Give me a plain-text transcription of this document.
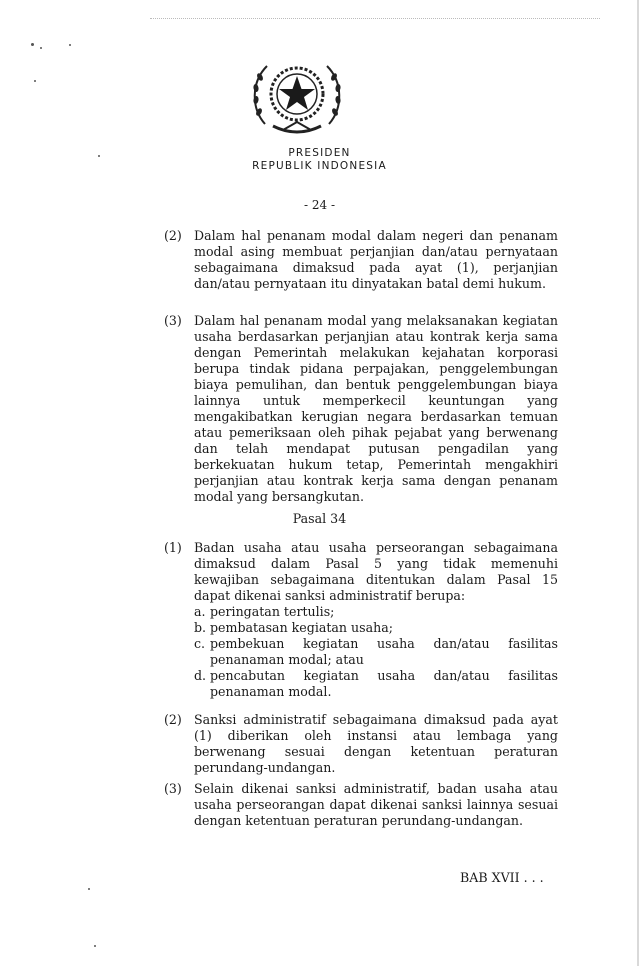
PRESIDEN
REPUBLIK INDONESIA
- 24 -
(2) Dalam hal penanam modal dalam negeri dan penanam modal asing membuat perjanjian dan/atau pernyataan sebagaimana dimaksud pada ayat (1), perjanjian dan/atau pernyataan itu dinyatakan batal demi hukum.
(3) Dalam hal penanam modal yang melaksanakan kegiatan usaha berdasarkan perjanjian atau kontrak kerja sama dengan Pemerintah melakukan kejahatan korporasi berupa tindak pidana perpajakan, penggelembungan biaya pemulihan, dan bentuk penggelembungan biaya lainnya untuk memperkecil keuntungan yang mengakibatkan kerugian negara berdasarkan temuan atau pemeriksaan oleh pihak pejabat yang berwenang dan telah mendapat putusan pengadilan yang berkekuatan hukum tetap, Pemerintah mengakhiri perjanjian atau kontrak kerja sama dengan penanam modal yang bersangkutan.
Pasal 34
(1) Badan usaha atau usaha perseorangan sebagaimana dimaksud dalam Pasal 5 yang tidak memenuhi kewajiban sebagaimana ditentukan dalam Pasal 15 dapat dikenai sanksi administratif berupa:
a. peringatan tertulis;
b. pembatasan kegiatan usaha;
c. pembekuan kegiatan usaha dan/atau fasilitas penanaman modal; atau
d. pencabutan kegiatan usaha dan/atau fasilitas penanaman modal.
(2) Sanksi administratif sebagaimana dimaksud pada ayat (1) diberikan oleh instansi atau lembaga yang berwenang sesuai dengan ketentuan peraturan perundang-undangan.
(3) Selain dikenai sanksi administratif, badan usaha atau usaha perseorangan dapat dikenai sanksi lainnya sesuai dengan ketentuan peraturan perundang-undangan.
BAB XVII . . .
